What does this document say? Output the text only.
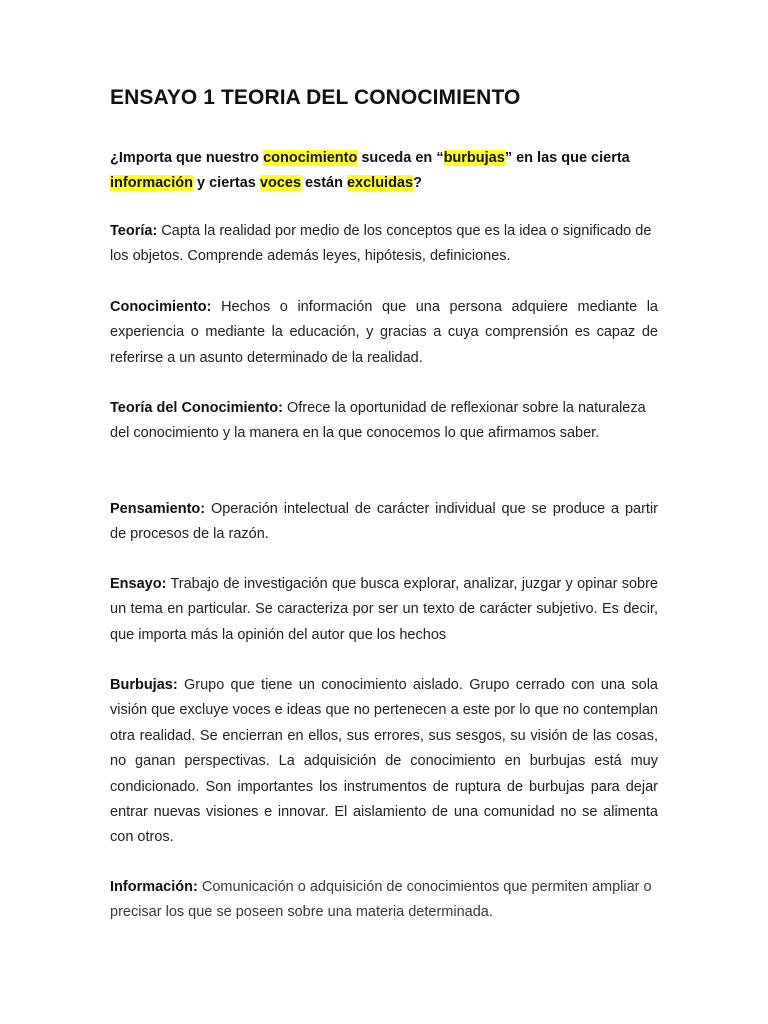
ENSAYO 1 TEORIA DEL CONOCIMIENTO

¿Importa que nuestro conocimiento suceda en “burbujas” en las que cierta información y ciertas voces están excluidas?

Teoría: Capta la realidad por medio de los conceptos que es la idea o significado de los objetos. Comprende además leyes, hipótesis, definiciones.

Conocimiento: Hechos o información que una persona adquiere mediante la experiencia o mediante la educación, y gracias a cuya comprensión es capaz de referirse a un asunto determinado de la realidad.

Teoría del Conocimiento: Ofrece la oportunidad de reflexionar sobre la naturaleza del conocimiento y la manera en la que conocemos lo que afirmamos saber.

Pensamiento: Operación intelectual de carácter individual que se produce a partir de procesos de la razón.

Ensayo: Trabajo de investigación que busca explorar, analizar, juzgar y opinar sobre un tema en particular. Se caracteriza por ser un texto de carácter subjetivo. Es decir, que importa más la opinión del autor que los hechos

Burbujas: Grupo que tiene un conocimiento aislado. Grupo cerrado con una sola visión que excluye voces e ideas que no pertenecen a este por lo que no contemplan otra realidad. Se encierran en ellos, sus errores, sus sesgos, su visión de las cosas, no ganan perspectivas. La adquisición de conocimiento en burbujas está muy condicionado. Son importantes los instrumentos de ruptura de burbujas para dejar entrar nuevas visiones e innovar. El aislamiento de una comunidad no se alimenta con otros.

Información: Comunicación o adquisición de conocimientos que permiten ampliar o precisar los que se poseen sobre una materia determinada.
